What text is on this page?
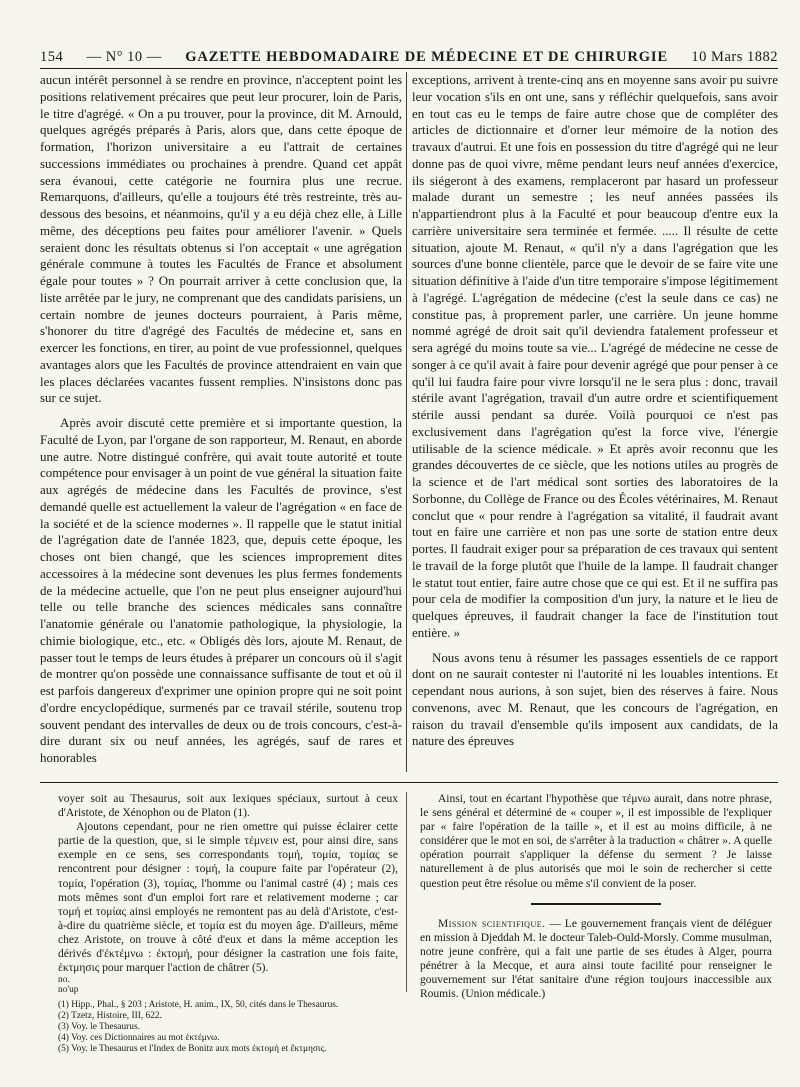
154 — N° 10 — GAZETTE HEBDOMADAIRE DE MÉDECINE ET DE CHIRURGIE 10 Mars 1882

aucun intérêt personnel à se rendre en province, n'acceptent point les positions relativement précaires que peut leur procurer, loin de Paris, le titre d'agrégé. « On a pu trouver, pour la province, dit M. Arnould, quelques agrégés préparés à Paris, alors que, dans cette époque de formation, l'horizon universitaire a eu l'attrait de certaines successions immédiates ou prochaines à prendre. Quand cet appât sera évanoui, cette catégorie ne fournira plus une recrue. Remarquons, d'ailleurs, qu'elle a toujours été très restreinte, très au-dessous des besoins, et néanmoins, qu'il y a eu déjà chez elle, à Lille même, des déceptions peu faites pour améliorer l'avenir. » Quels seraient donc les résultats obtenus si l'on acceptait « une agrégation générale commune à toutes les Facultés de France et absolument égale pour toutes » ? On pourrait arriver à cette conclusion que, la liste arrêtée par le jury, ne comprenant que des candidats parisiens, un certain nombre de jeunes docteurs pourraient, à Paris même, s'honorer du titre d'agrégé des Facultés de médecine et, sans en exercer les fonctions, en tirer, au point de vue professionnel, quelques avantages alors que les Facultés de province attendraient en vain que les places déclarées vacantes fussent remplies. N'insistons donc pas sur ce sujet.

Après avoir discuté cette première et si importante question, la Faculté de Lyon, par l'organe de son rapporteur, M. Renaut, en aborde une autre. Notre distingué confrère, qui avait toute autorité et toute compétence pour envisager à un point de vue général la situation faite aux agrégés de médecine dans les Facultés de province, s'est demandé quelle est actuellement la valeur de l'agrégation « en face de la société et de la science modernes ». Il rappelle que le statut initial de l'agrégation date de l'année 1823, que, depuis cette époque, les choses ont bien changé, que les sciences improprement dites accessoires à la médecine sont devenues les plus fermes fondements de la médecine actuelle, que l'on ne peut plus enseigner aujourd'hui telle ou telle branche des sciences médicales sans connaître l'anatomie générale ou l'anatomie pathologique, la physiologie, la chimie biologique, etc., etc. « Obligés dès lors, ajoute M. Renaut, de passer tout le temps de leurs études à préparer un concours où il s'agit de montrer qu'on possède une connaissance suffisante de tout et où il est parfois dangereux d'exprimer une opinion propre qui ne soit point d'ordre encyclopédique, surmenés par ce travail stérile, soutenu trop souvent pendant des intervalles de deux ou de trois concours, c'est-à-dire durant six ou neuf années, les agrégés, sauf de rares et honorables

exceptions, arrivent à trente-cinq ans en moyenne sans avoir pu suivre leur vocation s'ils en ont une, sans y réfléchir quelquefois, sans avoir en tout cas eu le temps de faire autre chose que de compléter des articles de dictionnaire et d'orner leur mémoire de la notion des travaux d'autrui. Et une fois en possession du titre d'agrégé qui ne leur donne pas de quoi vivre, même pendant leurs neuf années d'exercice, ils siégeront à des examens, remplaceront par hasard un professeur malade durant un semestre ; les neuf années passées ils n'appartiendront plus à la Faculté et pour beaucoup d'entre eux la carrière universitaire sera terminée et fermée. ..... Il résulte de cette situation, ajoute M. Renaut, « qu'il n'y a dans l'agrégation que les sources d'une bonne clientèle, parce que le devoir de se faire vite une situation définitive à l'aide d'un titre temporaire s'impose légitimement à l'agrégé. L'agrégation de médecine (c'est la seule dans ce cas) ne constitue pas, à proprement parler, une carrière. Un jeune homme nommé agrégé de droit sait qu'il deviendra fatalement professeur et sera agrégé du moins toute sa vie... L'agrégé de médecine ne cesse de songer à ce qu'il avait à faire pour devenir agrégé que pour penser à ce qu'il lui faudra faire pour vivre lorsqu'il ne le sera plus : donc, travail stérile avant l'agrégation, travail d'un autre ordre et scientifiquement stérile aussi pendant sa durée. Voilà pourquoi ce n'est pas exclusivement dans l'agrégation qu'est la force vive, l'énergie utilisable de la science médicale. » Et après avoir reconnu que les grandes découvertes de ce siècle, que les notions utiles au progrès de la science et de l'art médical sont sorties des laboratoires de la Sorbonne, du Collège de France ou des Écoles vétérinaires, M. Renaut conclut que « pour rendre à l'agrégation sa vitalité, il faudrait avant tout en faire une carrière et non pas une sorte de station entre deux portes. Il faudrait exiger pour sa préparation de ces travaux qui sentent le travail de la forge plutôt que l'huile de la lampe. Il faudrait changer le statut tout entier, faire autre chose que ce qui est. Et il ne suffira pas pour cela de modifier la composition d'un jury, la nature et le lieu de quelques épreuves, il faudrait changer la face de l'institution tout entière. »

Nous avons tenu à résumer les passages essentiels de ce rapport dont on ne saurait contester ni l'autorité ni les louables intentions. Et cependant nous aurions, à son sujet, bien des réserves à faire. Nous convenons, avec M. Renaut, que les concours de l'agrégation, en raison du travail d'ensemble qu'ils imposent aux candidats, de la nature des épreuves

voyer soit au Thesaurus, soit aux lexiques spéciaux, surtout à ceux d'Aristote, de Xénophon ou de Platon (1).

Ajoutons cependant, pour ne rien omettre qui puisse éclairer cette partie de la question, que, si le simple τέμνειν est, pour ainsi dire, sans exemple en ce sens, ses correspondants τομή, τομία, τομίας se rencontrent pour désigner : τομή, la coupure faite par l'opérateur (2), τομία, l'opération (3), τομίας, l'homme ou l'animal castré (4) ; mais ces mots mêmes sont d'un emploi fort rare et relativement moderne ; car τομή et τομίας ainsi employés ne remontent pas au delà d'Aristote, c'est-à-dire du quatrième siècle, et τομία est du moyen âge. D'ailleurs, même chez Aristote, on trouve à côté d'eux et dans la même acception les dérivés d'ἐκτέμνω : ἐκτομή, pour désigner la castration une fois faite, ἐκτμησις pour marquer l'action de châtrer (5).

no.
no'up
(1) Hipp., Phal., § 203 ; Aristote, H. anim., IX, 50, cités dans le Thesaurus.
(2) Tzetz, Histoire, III, 622.
(3) Voy. le Thesaurus.
(4) Voy. ces Dictionnaires au mot ἐκτέμνω.
(5) Voy. le Thesaurus et l'Index de Bonitz aux mots ἐκτομή et ἔκτμησις.

Ainsi, tout en écartant l'hypothèse que τέμνω aurait, dans notre phrase, le sens général et déterminé de « couper », il est impossible de l'expliquer par « faire l'opération de la taille », et il est au moins difficile, à ne considérer que le mot en soi, de s'arrêter à la traduction « châtrer ». A quelle opération pourrait s'appliquer la défense du serment ? Je laisse naturellement à de plus autorisés que moi le soin de rechercher si cette question peut être résolue ou même s'il convient de la poser.

Mission scientifique. — Le gouvernement français vient de déléguer en mission à Djeddah M. le docteur Taleb-Ould-Morsly. Comme musulman, notre jeune confrère, qui a fait une partie de ses études à Alger, pourra pénétrer à la Mecque, et aura ainsi toute facilité pour renseigner le gouvernement sur l'état sanitaire d'une région toujours inaccessible aux Roumis. (Union médicale.)
